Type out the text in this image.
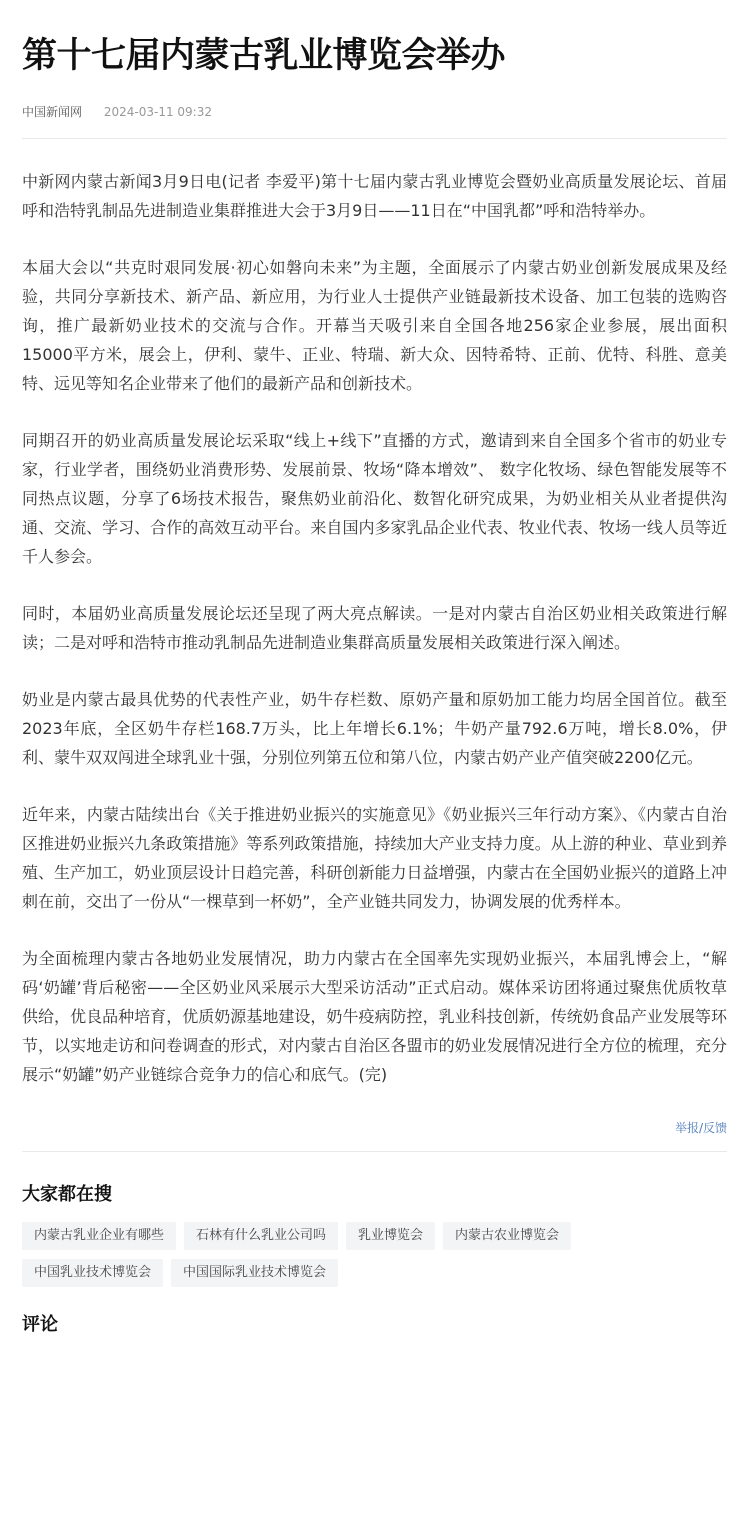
第十七届内蒙古乳业博览会举办
中国新闻网 2024-03-11 09:32

中新网内蒙古新闻3月9日电(记者 李爱平)第十七届内蒙古乳业博览会暨奶业高质量发展论坛、首届呼和浩特乳制品先进制造业集群推进大会于3月9日——11日在“中国乳都”呼和浩特举办。

本届大会以“共克时艰同发展·初心如磐向未来”为主题，全面展示了内蒙古奶业创新发展成果及经验，共同分享新技术、新产品、新应用，为行业人士提供产业链最新技术设备、加工包装的选购咨询，推广最新奶业技术的交流与合作。开幕当天吸引来自全国各地256家企业参展，展出面积15000平方米，展会上，伊利、蒙牛、正业、特瑞、新大众、因特希特、正前、优特、科胜、意美特、远见等知名企业带来了他们的最新产品和创新技术。

同期召开的奶业高质量发展论坛采取“线上+线下”直播的方式，邀请到来自全国多个省市的奶业专家，行业学者，围绕奶业消费形势、发展前景、牧场“降本增效”、 数字化牧场、绿色智能发展等不同热点议题，分享了6场技术报告，聚焦奶业前沿化、数智化研究成果，为奶业相关从业者提供沟通、交流、学习、合作的高效互动平台。来自国内多家乳品企业代表、牧业代表、牧场一线人员等近千人参会。

同时，本届奶业高质量发展论坛还呈现了两大亮点解读。一是对内蒙古自治区奶业相关政策进行解读；二是对呼和浩特市推动乳制品先进制造业集群高质量发展相关政策进行深入阐述。

奶业是内蒙古最具优势的代表性产业，奶牛存栏数、原奶产量和原奶加工能力均居全国首位。截至2023年底，全区奶牛存栏168.7万头，比上年增长6.1%；牛奶产量792.6万吨，增长8.0%，伊利、蒙牛双双闯进全球乳业十强，分别位列第五位和第八位，内蒙古奶产业产值突破2200亿元。

近年来，内蒙古陆续出台《关于推进奶业振兴的实施意见》《奶业振兴三年行动方案》、《内蒙古自治区推进奶业振兴九条政策措施》等系列政策措施，持续加大产业支持力度。从上游的种业、草业到养殖、生产加工，奶业顶层设计日趋完善，科研创新能力日益增强，内蒙古在全国奶业振兴的道路上冲刺在前，交出了一份从“一棵草到一杯奶”，全产业链共同发力，协调发展的优秀样本。

为全面梳理内蒙古各地奶业发展情况，助力内蒙古在全国率先实现奶业振兴，本届乳博会上，“解码‘奶罐’背后秘密——全区奶业风采展示大型采访活动”正式启动。媒体采访团将通过聚焦优质牧草供给，优良品种培育，优质奶源基地建设，奶牛疫病防控，乳业科技创新，传统奶食品产业发展等环节，以实地走访和问卷调查的形式，对内蒙古自治区各盟市的奶业发展情况进行全方位的梳理，充分展示“奶罐”奶产业链综合竞争力的信心和底气。(完)

举报/反馈
大家都在搜
内蒙古乳业企业有哪些	石林有什么乳业公司吗	乳业博览会	内蒙古农业博览会
中国乳业技术博览会	中国国际乳业技术博览会
评论
